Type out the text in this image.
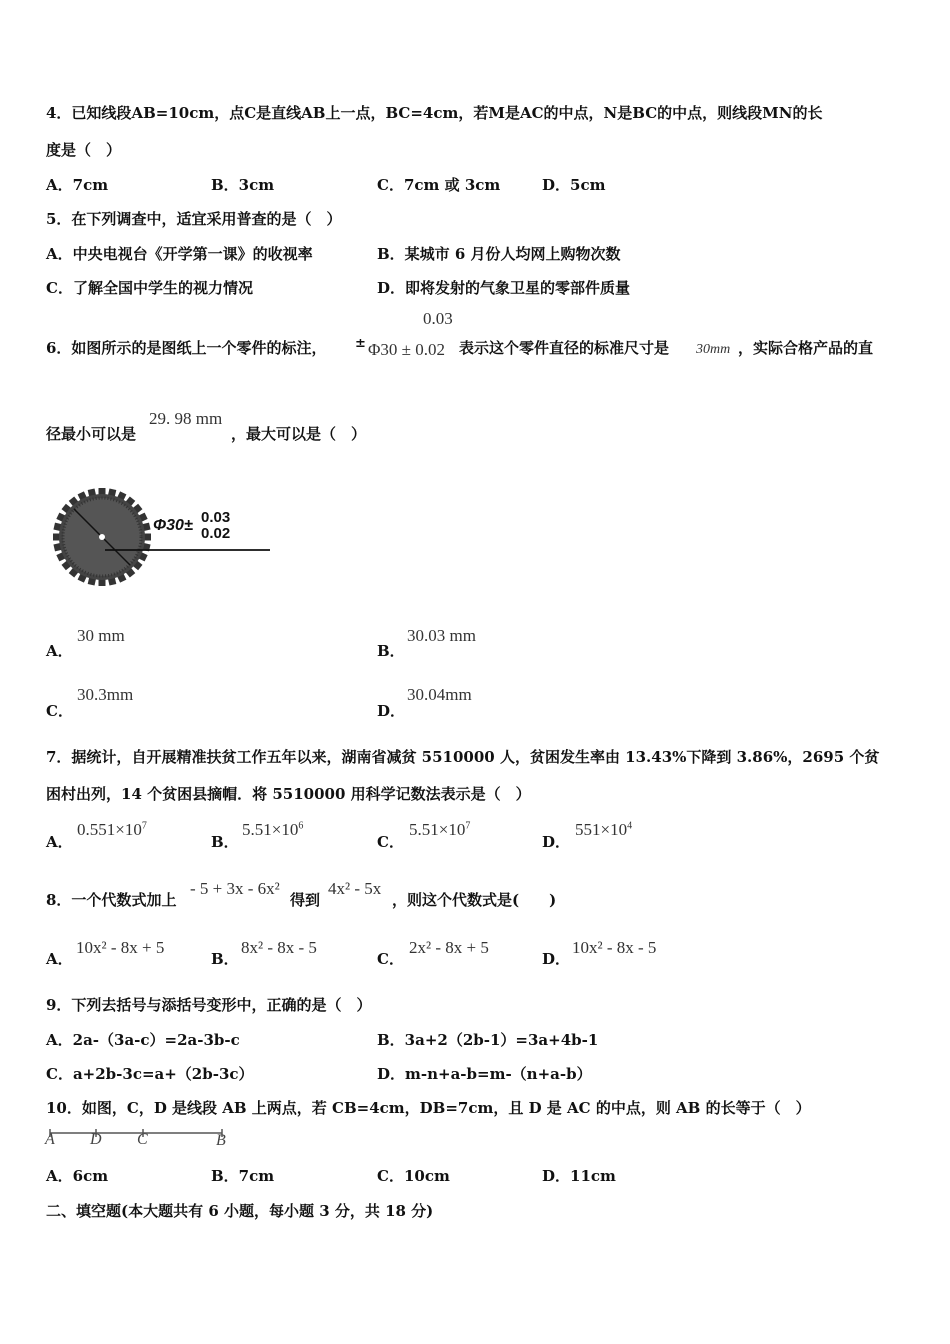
4．已知线段AB=10cm，点C是直线AB上一点，BC=4cm，若M是AC的中点，N是BC的中点，则线段MN的长
度是（　）
A．7cm	B．3cm	C．7cm 或 3cm	D．5cm
5．在下列调查中，适宜采用普查的是（　）
A．中央电视台《开学第一课》的收视率	B．某城市 6 月份人均网上购物次数
C．了解全国中学生的视力情况	D．即将发射的气象卫星的零部件质量
6．如图所示的是图纸上一个零件的标注， ±
0.03
Φ30 ± 0.02 表示这个零件直径的标准尺寸是 30mm ，实际合格产品的直
径最小可以是
29. 98 mm
，最大可以是（　）
Φ30± 0.03
0.02
A．
30 mm
B．
30.03 mm
C．
30.3mm
D．
30.04mm
7．据统计，自开展精准扶贫工作五年以来，湖南省减贫 5510000 人，贫困发生率由 13.43%下降到 3.86%，2695 个贫
困村出列，14 个贫困县摘帽．将 5510000 用科学记数法表示是（　）
A．
$0.551\times 10^7$
B．
$5.51\times 10^6$
C．
$5.51\times 10^7$
D．
$551\times 10^4$
8．一个代数式加上
- 5 + 3x - 6x²
得到
4x² - 5x
，则这个代数式是(　　)
A．
10x² - 8x + 5
B．
8x² - 8x - 5
C．
2x² - 8x + 5
D．
10x² - 8x - 5
9．下列去括号与添括号变形中，正确的是（　）
A．2a-（3a-c）=2a-3b-c	B．3a+2（2b-1）=3a+4b-1
C．a+2b-3c=a+（2b-3c）	D．m-n+a-b=m-（n+a-b）
10．如图，C，D 是线段 AB 上两点，若 CB=4cm，DB=7cm，且 D 是 AC 的中点，则 AB 的长等于（　）
A D C	B
A．6cm	B．7cm	C．10cm	D．11cm
二、填空题(本大题共有 6 小题，每小题 3 分，共 18 分)
